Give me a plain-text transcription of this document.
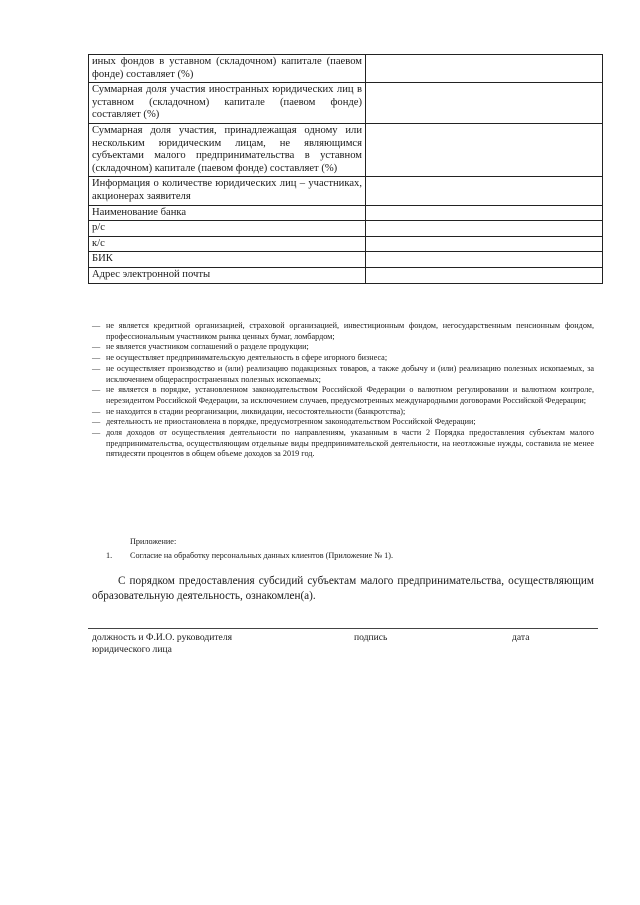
иных фондов в уставном (складочном) капитале (паевом фонде) составляет (%)	
Суммарная доля участия иностранных юридических лиц в уставном (складочном) капитале (паевом фонде) составляет (%)	
Суммарная доля участия, принадлежащая одному или нескольким юридическим лицам, не являющимся субъектами малого предпринимательства в уставном (складочном) капитале (паевом фонде) составляет (%)	
Информация о количестве юридических лиц – участниках, акционерах заявителя	
Наименование банка	
р/с	
к/с	
БИК	
Адрес электронной почты	

— не является кредитной организацией, страховой организацией, инвестиционным фондом, негосударственным пенсионным фондом, профессиональным участником рынка ценных бумаг, ломбардом;

— не является участником соглашений о разделе продукции;

— не осуществляет предпринимательскую деятельность в сфере игорного бизнеса;

— не осуществляет производство и (или) реализацию подакцизных товаров, а также добычу и (или) реализацию полезных ископаемых, за исключением общераспространенных полезных ископаемых;

— не является в порядке, установленном законодательством Российской Федерации о валютном регулировании и валютном контроле, нерезидентом Российской Федерации, за исключением случаев, предусмотренных международными договорами Российской Федерации;

— не находится в стадии реорганизации, ликвидации, несостоятельности (банкротства);

— деятельность не приостановлена в порядке, предусмотренном законодательством Российской Федерации;

— доля доходов от осуществления деятельности по направлениям, указанным в части 2 Порядка предоставления субъектам малого предпринимательства, осуществляющим отдельные виды предпринимательской деятельности, на неотложные нужды, составила не менее пятидесяти процентов в общем объеме доходов за 2019 год.

Приложение:
1. Согласие на обработку персональных данных клиентов (Приложение № 1).
С порядком предоставления субсидий субъектам малого предпринимательства, осуществляющим образовательную деятельность, ознакомлен(а).
должность и Ф.И.О. руководителя юридического лица
подпись	дата
